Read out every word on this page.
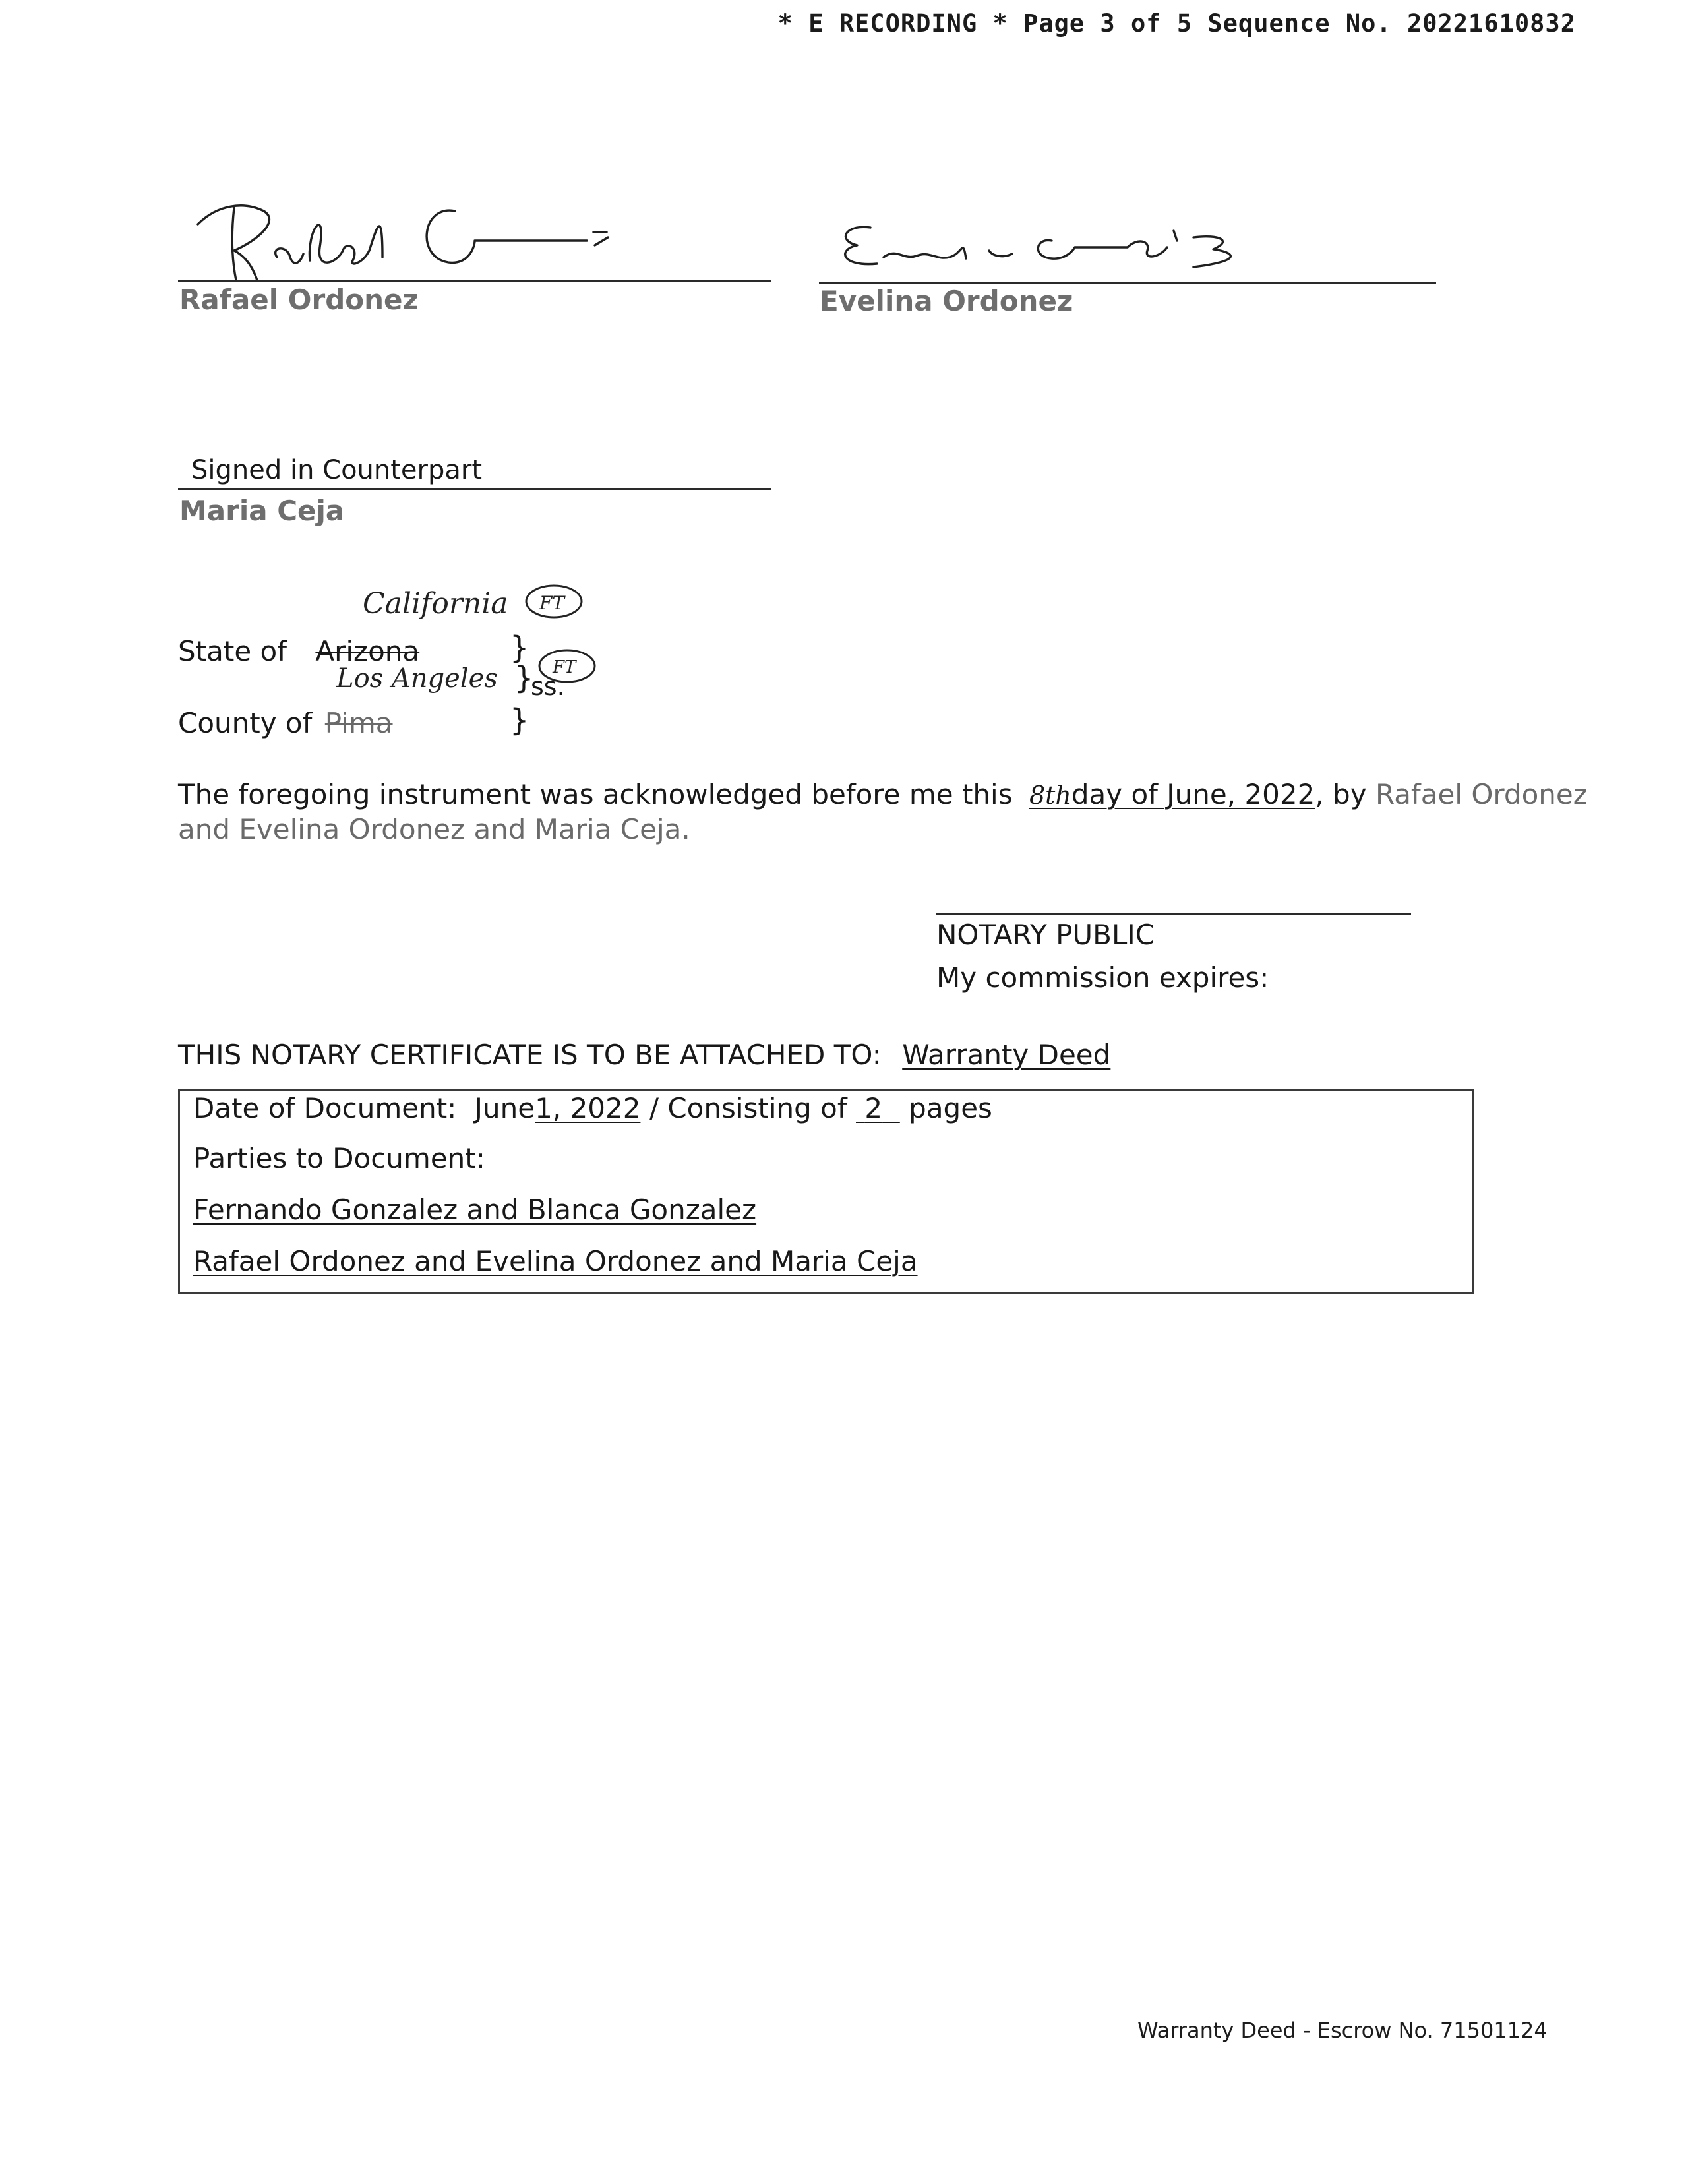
* E RECORDING * Page 3 of 5 Sequence No. 20221610832
Rafael Ordonez	Evelina Ordonez
Signed in Counterpart
Maria Ceja
California FT
State of Arizona	}
Los Angeles }
ss.
FT
County of Pima	}
The foregoing instrument was acknowledged before me this 8thday of June, 2022, by Rafael Ordonez
and Evelina Ordonez and Maria Ceja.
NOTARY PUBLIC
My commission expires:
THIS NOTARY CERTIFICATE IS TO BE ATTACHED TO: Warranty Deed
Date of Document: June1, 2022 / Consisting of 2 pages
Parties to Document:
Fernando Gonzalez and Blanca Gonzalez
Rafael Ordonez and Evelina Ordonez and Maria Ceja
Warranty Deed - Escrow No. 71501124
